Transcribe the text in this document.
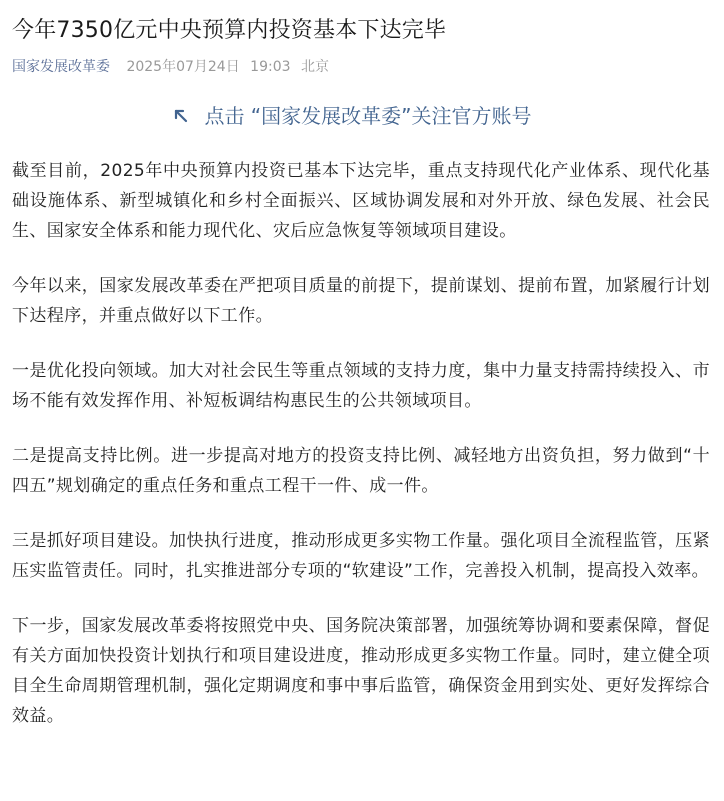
今年7350亿元中央预算内投资基本下达完毕
国家发展改革委 2025年07月24日 19:03 北京
点击 “国家发展改革委”关注官方账号

截至目前，2025年中央预算内投资已基本下达完毕，重点支持现代化产业体系、现代化基础设施体系、新型城镇化和乡村全面振兴、区域协调发展和对外开放、绿色发展、社会民生、国家安全体系和能力现代化、灾后应急恢复等领域项目建设。

今年以来，国家发展改革委在严把项目质量的前提下，提前谋划、提前布置，加紧履行计划下达程序，并重点做好以下工作。

一是优化投向领域。加大对社会民生等重点领域的支持力度，集中力量支持需持续投入、市场不能有效发挥作用、补短板调结构惠民生的公共领域项目。

二是提高支持比例。进一步提高对地方的投资支持比例、减轻地方出资负担，努力做到“十四五”规划确定的重点任务和重点工程干一件、成一件。

三是抓好项目建设。加快执行进度，推动形成更多实物工作量。强化项目全流程监管，压紧压实监管责任。同时，扎实推进部分专项的“软建设”工作，完善投入机制，提高投入效率。

下一步，国家发展改革委将按照党中央、国务院决策部署，加强统筹协调和要素保障，督促有关方面加快投资计划执行和项目建设进度，推动形成更多实物工作量。同时，建立健全项目全生命周期管理机制，强化定期调度和事中事后监管，确保资金用到实处、更好发挥综合效益。
